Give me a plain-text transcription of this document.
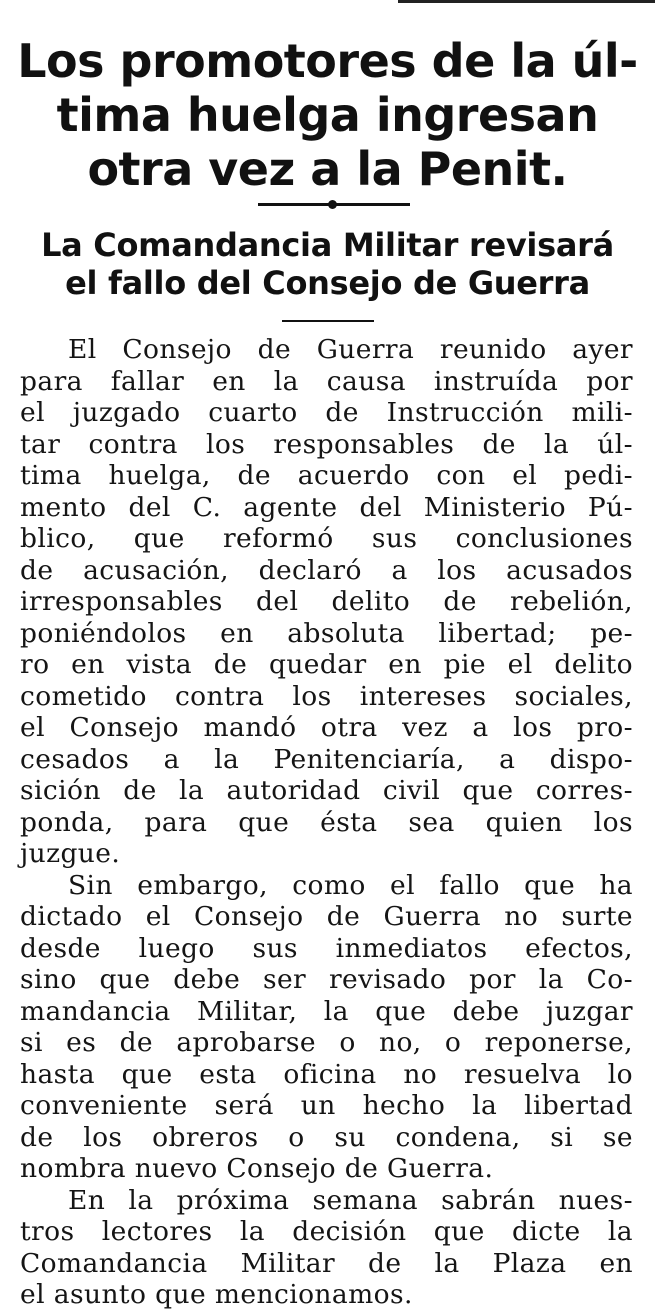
Los promotores de la úl-
tima huelga ingresan
otra vez a la Penit.
La Comandancia Militar revisará
el fallo del Consejo de Guerra
El Consejo de Guerra reunido ayer
para fallar en la causa instruída por
el juzgado cuarto de Instrucción mili-
tar contra los responsables de la úl-
tima huelga, de acuerdo con el pedi-
mento del C. agente del Ministerio Pú-
blico, que reformó sus conclusiones
de acusación, declaró a los acusados
irresponsables del delito de rebelión,
poniéndolos en absoluta libertad; pe-
ro en vista de quedar en pie el delito
cometido contra los intereses sociales,
el Consejo mandó otra vez a los pro-
cesados a la Penitenciaría, a dispo-
sición de la autoridad civil que corres-
ponda, para que ésta sea quien los
juzgue.
Sin embargo, como el fallo que ha
dictado el Consejo de Guerra no surte
desde luego sus inmediatos efectos,
sino que debe ser revisado por la Co-
mandancia Militar, la que debe juzgar
si es de aprobarse o no, o reponerse,
hasta que esta oficina no resuelva lo
conveniente será un hecho la libertad
de los obreros o su condena, si se
nombra nuevo Consejo de Guerra.
En la próxima semana sabrán nues-
tros lectores la decisión que dicte la
Comandancia Militar de la Plaza en
el asunto que mencionamos.
